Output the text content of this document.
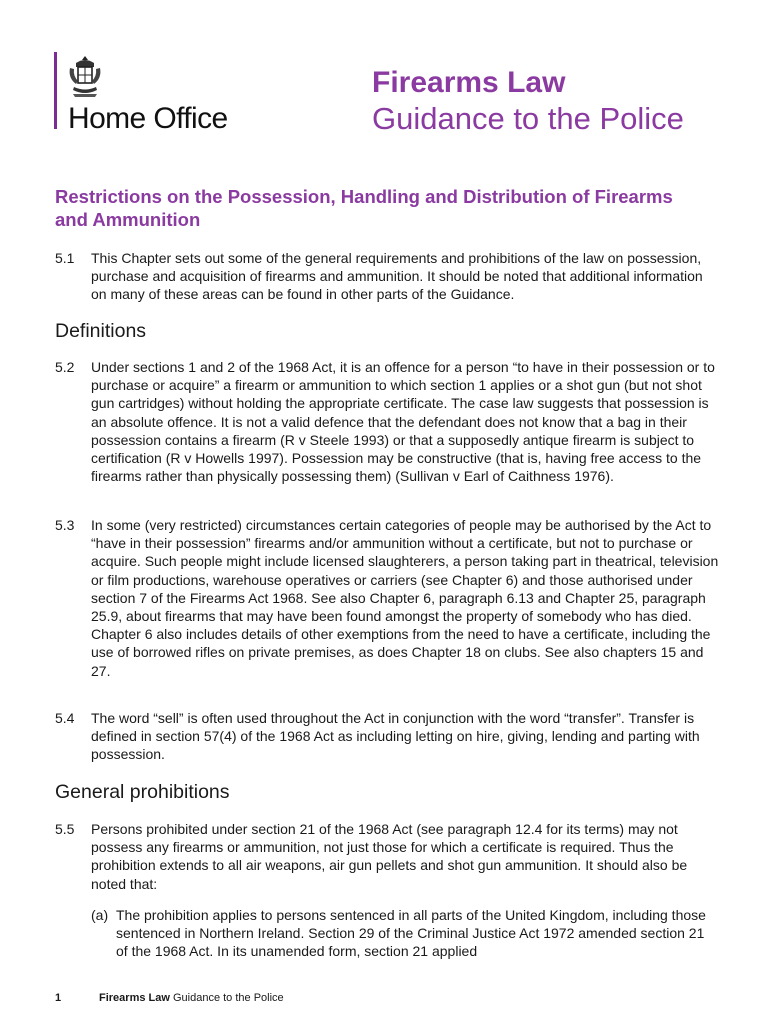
Home Office
Firearms Law
Guidance to the Police
Restrictions on the Possession, Handling and Distribution of Firearms and Ammunition
5.1 This Chapter sets out some of the general requirements and prohibitions of the law on possession, purchase and acquisition of firearms and ammunition. It should be noted that additional information on many of these areas can be found in other parts of the Guidance.
Definitions
5.2 Under sections 1 and 2 of the 1968 Act, it is an offence for a person “to have in their possession or to purchase or acquire” a firearm or ammunition to which section 1 applies or a shot gun (but not shot gun cartridges) without holding the appropriate certificate. The case law suggests that possession is an absolute offence. It is not a valid defence that the defendant does not know that a bag in their possession contains a firearm (R v Steele 1993) or that a supposedly antique firearm is subject to certification (R v Howells 1997). Possession may be constructive (that is, having free access to the firearms rather than physically possessing them) (Sullivan v Earl of Caithness 1976).
5.3 In some (very restricted) circumstances certain categories of people may be authorised by the Act to “have in their possession” firearms and/or ammunition without a certificate, but not to purchase or acquire. Such people might include licensed slaughterers, a person taking part in theatrical, television or film productions, warehouse operatives or carriers (see Chapter 6) and those authorised under section 7 of the Firearms Act 1968. See also Chapter 6, paragraph 6.13 and Chapter 25, paragraph 25.9, about firearms that may have been found amongst the property of somebody who has died. Chapter 6 also includes details of other exemptions from the need to have a certificate, including the use of borrowed rifles on private premises, as does Chapter 18 on clubs. See also chapters 15 and 27.
5.4 The word “sell” is often used throughout the Act in conjunction with the word “transfer”. Transfer is defined in section 57(4) of the 1968 Act as including letting on hire, giving, lending and parting with possession.
General prohibitions
5.5 Persons prohibited under section 21 of the 1968 Act (see paragraph 12.4 for its terms) may not possess any firearms or ammunition, not just those for which a certificate is required. Thus the prohibition extends to all air weapons, air gun pellets and shot gun ammunition. It should also be noted that:
(a) The prohibition applies to persons sentenced in all parts of the United Kingdom, including those sentenced in Northern Ireland. Section 29 of the Criminal Justice Act 1972 amended section 21 of the 1968 Act. In its unamended form, section 21 applied
1	Firearms Law Guidance to the Police
